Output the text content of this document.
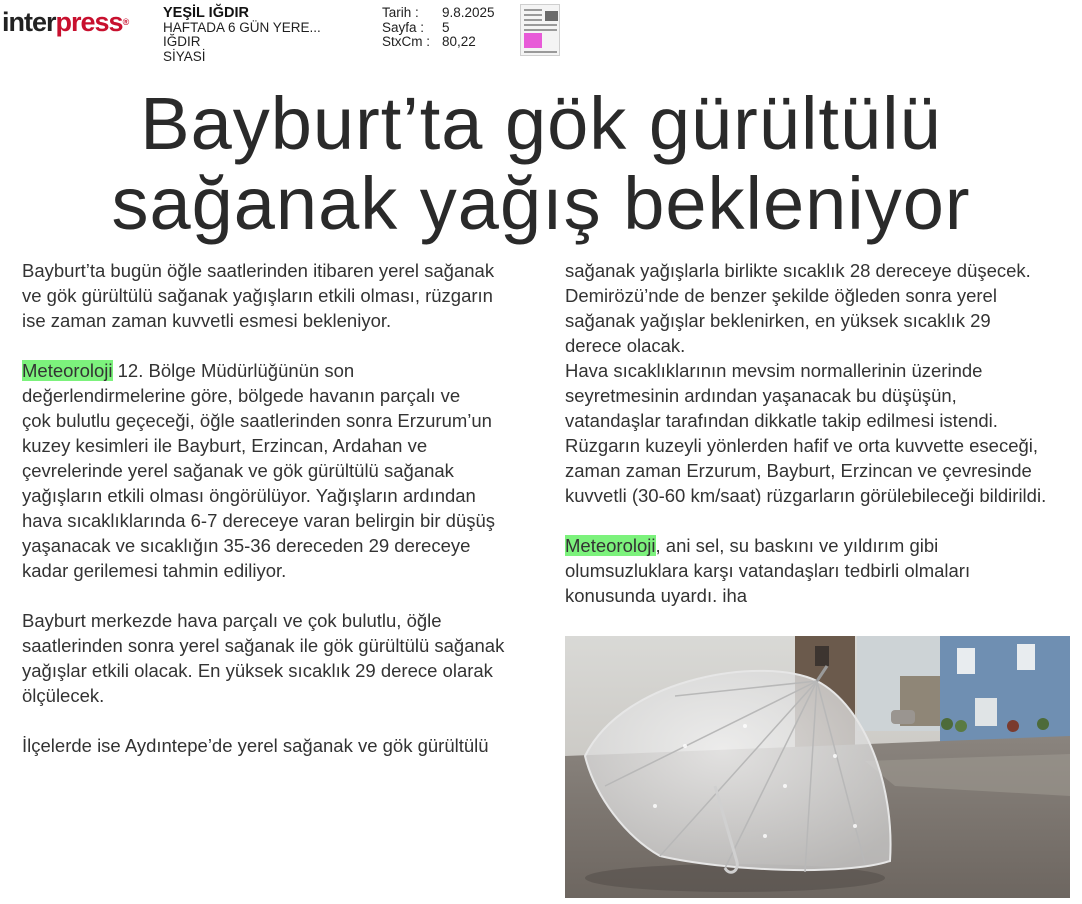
interpress®
YEŞİL IĞDIR
HAFTADA 6 GÜN YERE...
IĞDIR
SİYASİ
Tarih :	9.8.2025
Sayfa :	5
StxCm : 80,22
Bayburt’ta gök gürültülü
sağanak yağış bekleniyor

Bayburt’ta bugün öğle saatlerinden itibaren yerel sağanak
ve gök gürültülü sağanak yağışların etkili olması, rüzgarın
ise zaman zaman kuvvetli esmesi bekleniyor.

Meteoroloji 12. Bölge Müdürlüğünün son
değerlendirmelerine göre, bölgede havanın parçalı ve
çok bulutlu geçeceği, öğle saatlerinden sonra Erzurum’un
kuzey kesimleri ile Bayburt, Erzincan, Ardahan ve
çevrelerinde yerel sağanak ve gök gürültülü sağanak
yağışların etkili olması öngörülüyor. Yağışların ardından
hava sıcaklıklarında 6-7 dereceye varan belirgin bir düşüş
yaşanacak ve sıcaklığın 35-36 dereceden 29 dereceye
kadar gerilemesi tahmin ediliyor.

Bayburt merkezde hava parçalı ve çok bulutlu, öğle
saatlerinden sonra yerel sağanak ile gök gürültülü sağanak
yağışlar etkili olacak. En yüksek sıcaklık 29 derece olarak
ölçülecek.

İlçelerde ise Aydıntepe’de yerel sağanak ve gök gürültülü

sağanak yağışlarla birlikte sıcaklık 28 dereceye düşecek.
Demirözü’nde de benzer şekilde öğleden sonra yerel
sağanak yağışlar beklenirken, en yüksek sıcaklık 29
derece olacak.
Hava sıcaklıklarının mevsim normallerinin üzerinde
seyretmesinin ardından yaşanacak bu düşüşün,
vatandaşlar tarafından dikkatle takip edilmesi istendi.
Rüzgarın kuzeyli yönlerden hafif ve orta kuvvette eseceği,
zaman zaman Erzurum, Bayburt, Erzincan ve çevresinde
kuvvetli (30-60 km/saat) rüzgarların görülebileceği bildirildi.

Meteoroloji, ani sel, su baskını ve yıldırım gibi
olumsuzluklara karşı vatandaşları tedbirli olmaları
konusunda uyardı. iha
